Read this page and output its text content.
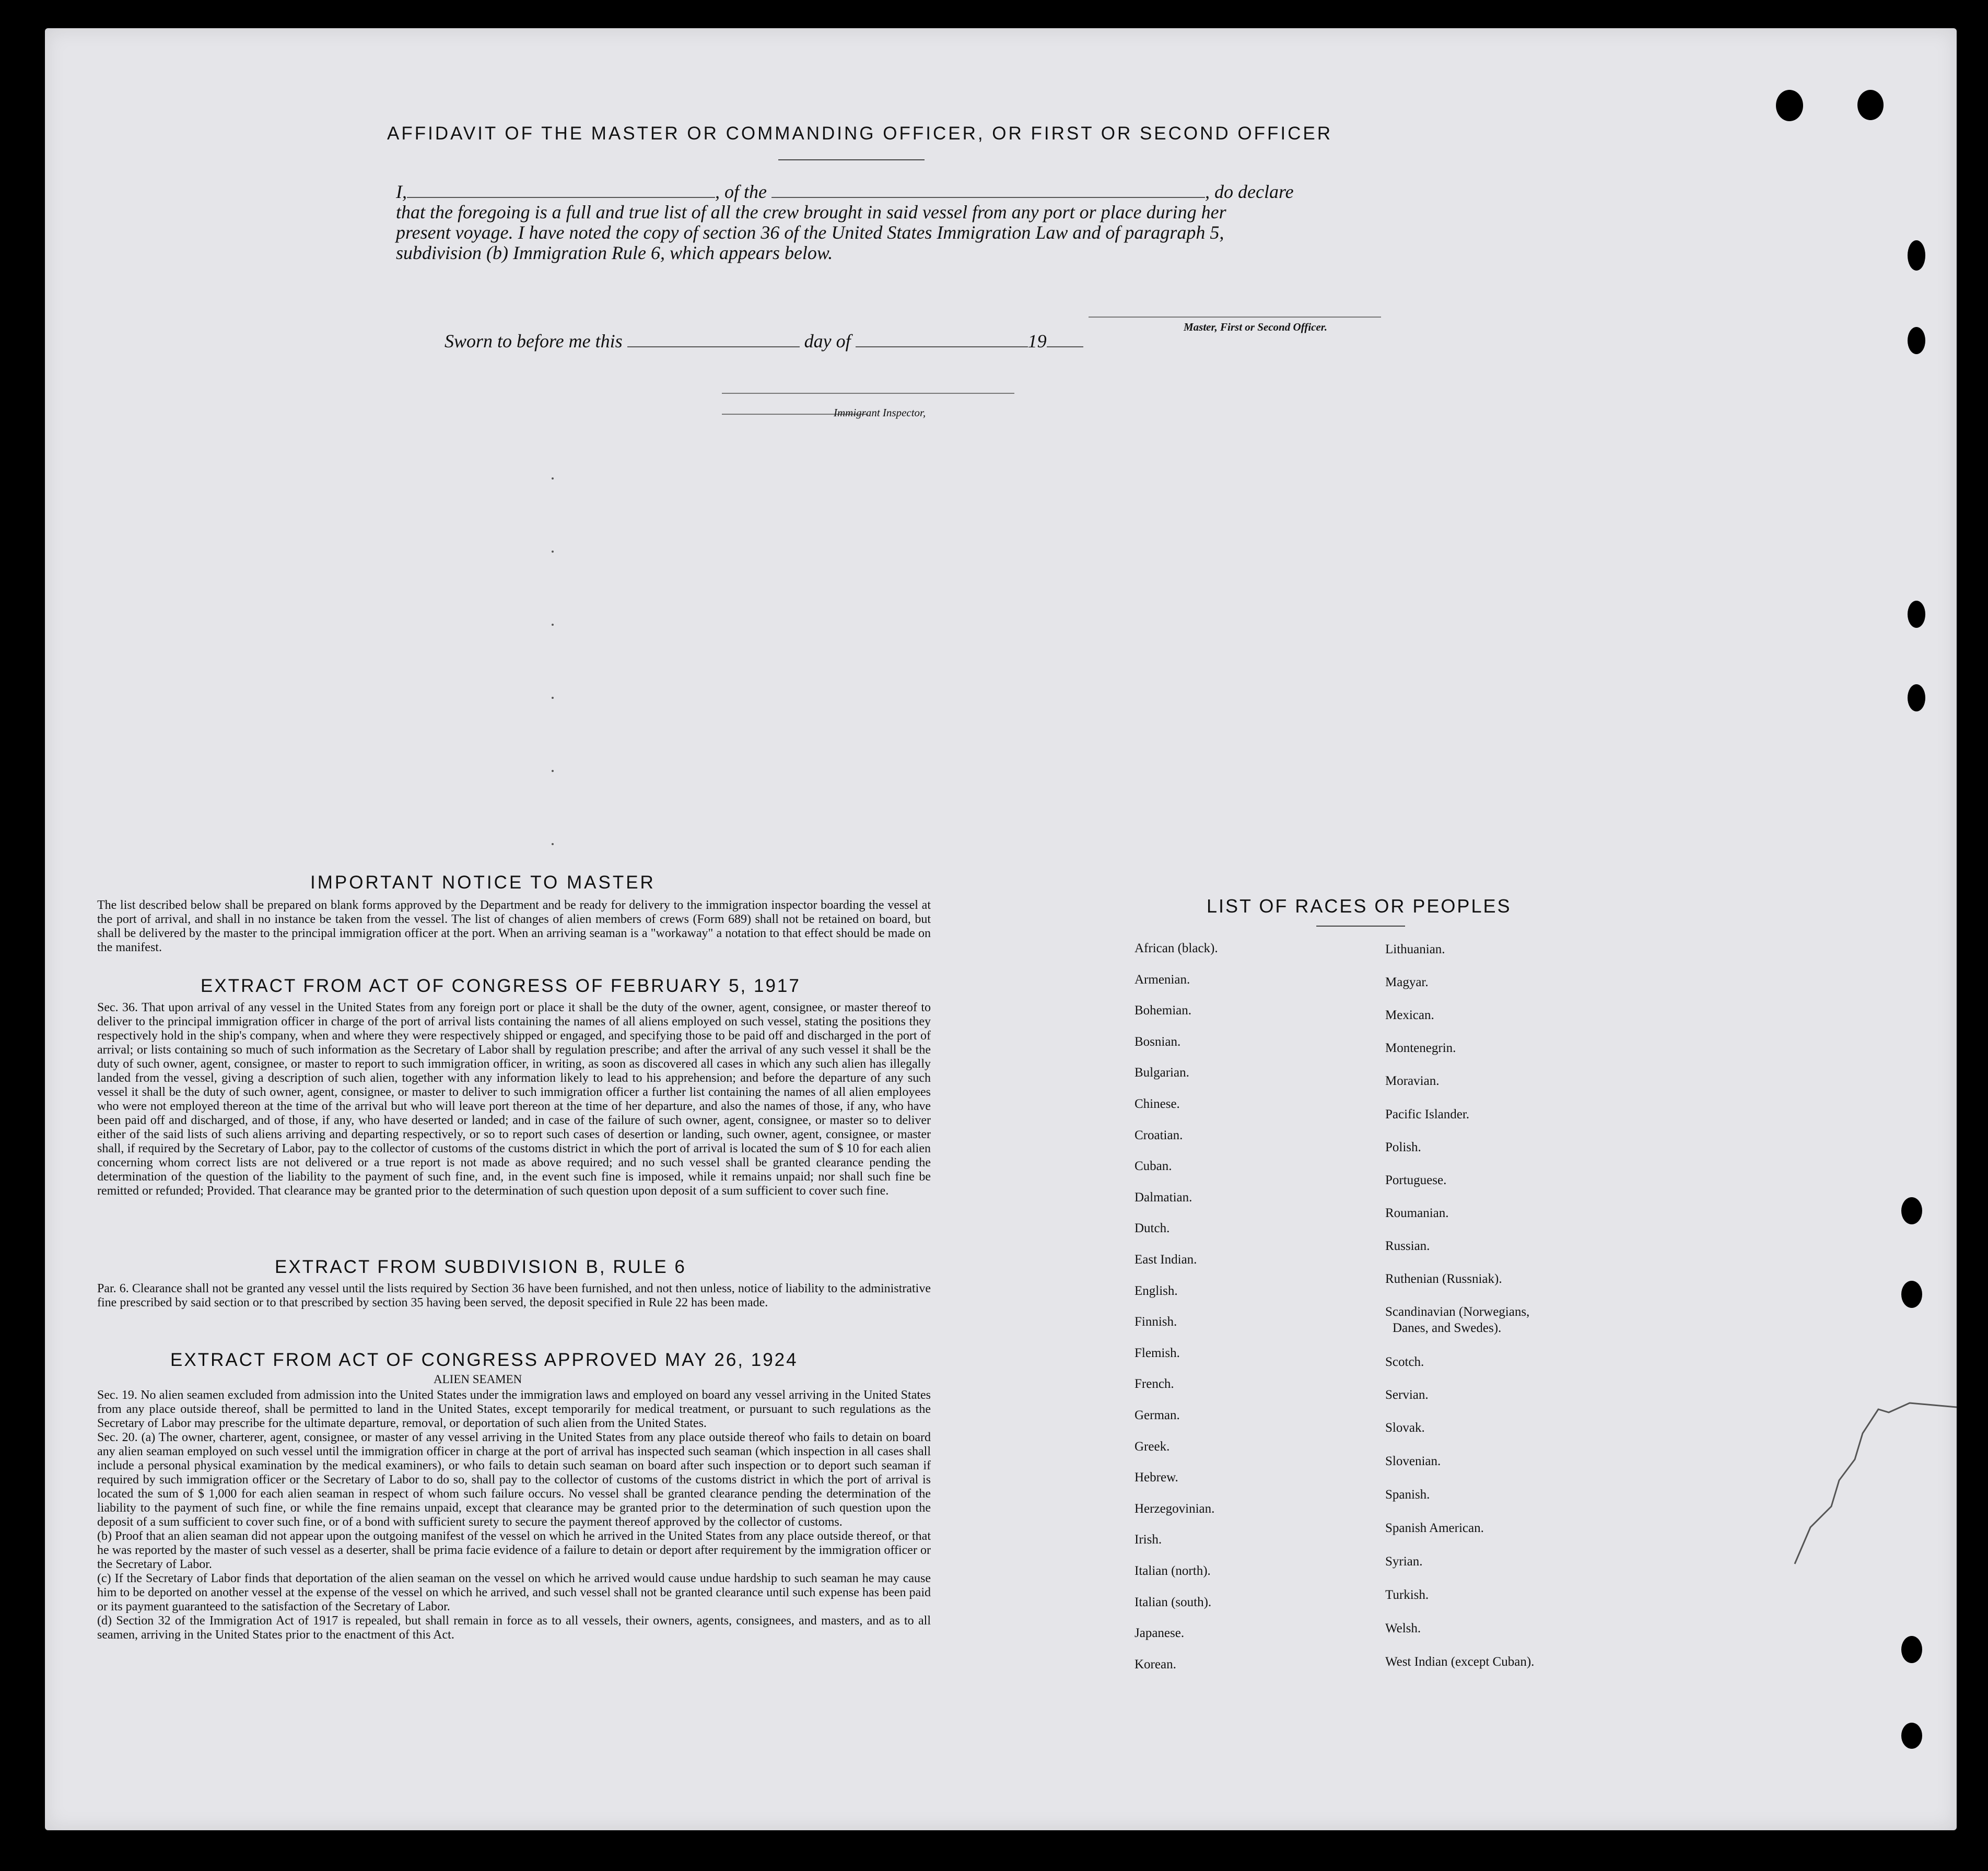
AFFIDAVIT OF THE MASTER OR COMMANDING OFFICER, OR FIRST OR SECOND OFFICER
I,	, of the	, do declare
that the foregoing is a full and true list of all the crew brought in said vessel from any port or place during her
present voyage. I have noted the copy of section 36 of the United States Immigration Law and of paragraph 5,
subdivision (b) Immigration Rule 6, which appears below.
Master, First or Second Officer.
Sworn to before me this	day of	19
Immigrant Inspector,
IMPORTANT NOTICE TO MASTER
The list described below shall be prepared on blank forms approved by the Department and be ready for delivery to the immigration inspector boarding the vessel at the port of arrival, and shall in no instance be taken from the vessel. The list of changes of alien members of crews (Form 689) shall not be retained on board, but shall be delivered by the master to the principal immigration officer at the port. When an arriving seaman is a "workaway" a notation to that effect should be made on the manifest.
EXTRACT FROM ACT OF CONGRESS OF FEBRUARY 5, 1917
Sec. 36. That upon arrival of any vessel in the United States from any foreign port or place it shall be the duty of the owner, agent, consignee, or master thereof to deliver to the principal immigration officer in charge of the port of arrival lists containing the names of all aliens employed on such vessel, stating the positions they respectively hold in the ship's company, when and where they were respectively shipped or engaged, and specifying those to be paid off and discharged in the port of arrival; or lists containing so much of such information as the Secretary of Labor shall by regulation prescribe; and after the arrival of any such vessel it shall be the duty of such owner, agent, consignee, or master to report to such immigration officer, in writing, as soon as discovered all cases in which any such alien has illegally landed from the vessel, giving a description of such alien, together with any information likely to lead to his apprehension; and before the departure of any such vessel it shall be the duty of such owner, agent, consignee, or master to deliver to such immigration officer a further list containing the names of all alien employees who were not employed thereon at the time of the arrival but who will leave port thereon at the time of her departure, and also the names of those, if any, who have been paid off and discharged, and of those, if any, who have deserted or landed; and in case of the failure of such owner, agent, consignee, or master so to deliver either of the said lists of such aliens arriving and departing respectively, or so to report such cases of desertion or landing, such owner, agent, consignee, or master shall, if required by the Secretary of Labor, pay to the collector of customs of the customs district in which the port of arrival is located the sum of $ 10 for each alien concerning whom correct lists are not delivered or a true report is not made as above required; and no such vessel shall be granted clearance pending the determination of the question of the liability to the payment of such fine, and, in the event such fine is imposed, while it remains unpaid; nor shall such fine be remitted or refunded; Provided. That clearance may be granted prior to the determination of such question upon deposit of a sum sufficient to cover such fine.
EXTRACT FROM SUBDIVISION B, RULE 6
Par. 6. Clearance shall not be granted any vessel until the lists required by Section 36 have been furnished, and not then unless, notice of liability to the administrative fine prescribed by said section or to that prescribed by section 35 having been served, the deposit specified in Rule 22 has been made.
EXTRACT FROM ACT OF CONGRESS APPROVED MAY 26, 1924
ALIEN SEAMEN

Sec. 19. No alien seamen excluded from admission into the United States under the immigration laws and employed on board any vessel arriving in the United States from any place outside thereof, shall be permitted to land in the United States, except temporarily for medical treatment, or pursuant to such regulations as the Secretary of Labor may prescribe for the ultimate departure, removal, or deportation of such alien from the United States.

Sec. 20. (a) The owner, charterer, agent, consignee, or master of any vessel arriving in the United States from any place outside thereof who fails to detain on board any alien seaman employed on such vessel until the immigration officer in charge at the port of arrival has inspected such seaman (which inspection in all cases shall include a personal physical examination by the medical examiners), or who fails to detain such seaman on board after such inspection or to deport such seaman if required by such immigration officer or the Secretary of Labor to do so, shall pay to the collector of customs of the customs district in which the port of arrival is located the sum of $ 1,000 for each alien seaman in respect of whom such failure occurs. No vessel shall be granted clearance pending the determination of the liability to the payment of such fine, or while the fine remains unpaid, except that clearance may be granted prior to the determination of such question upon the deposit of a sum sufficient to cover such fine, or of a bond with sufficient surety to secure the payment thereof approved by the collector of customs.

(b) Proof that an alien seaman did not appear upon the outgoing manifest of the vessel on which he arrived in the United States from any place outside thereof, or that he was reported by the master of such vessel as a deserter, shall be prima facie evidence of a failure to detain or deport after requirement by the immigration officer or the Secretary of Labor.

(c) If the Secretary of Labor finds that deportation of the alien seaman on the vessel on which he arrived would cause undue hardship to such seaman he may cause him to be deported on another vessel at the expense of the vessel on which he arrived, and such vessel shall not be granted clearance until such expense has been paid or its payment guaranteed to the satisfaction of the Secretary of Labor.

(d) Section 32 of the Immigration Act of 1917 is repealed, but shall remain in force as to all vessels, their owners, agents, consignees, and masters, and as to all seamen, arriving in the United States prior to the enactment of this Act.

LIST OF RACES OR PEOPLES
African (black).
Armenian.
Bohemian.
Bosnian.
Bulgarian.
Chinese.
Croatian.
Cuban.
Dalmatian.
Dutch.
East Indian.
English.
Finnish.
Flemish.
French.
German.
Greek.
Hebrew.
Herzegovinian.
Irish.
Italian (north).
Italian (south).
Japanese.
Korean.
Lithuanian.
Magyar.
Mexican.
Montenegrin.
Moravian.
Pacific Islander.
Polish.
Portuguese.
Roumanian.
Russian.
Ruthenian (Russniak).
Scandinavian (Norwegians,
Danes, and Swedes).
Scotch.
Servian.
Slovak.
Slovenian.
Spanish.
Spanish American.
Syrian.
Turkish.
Welsh.
West Indian (except Cuban).
